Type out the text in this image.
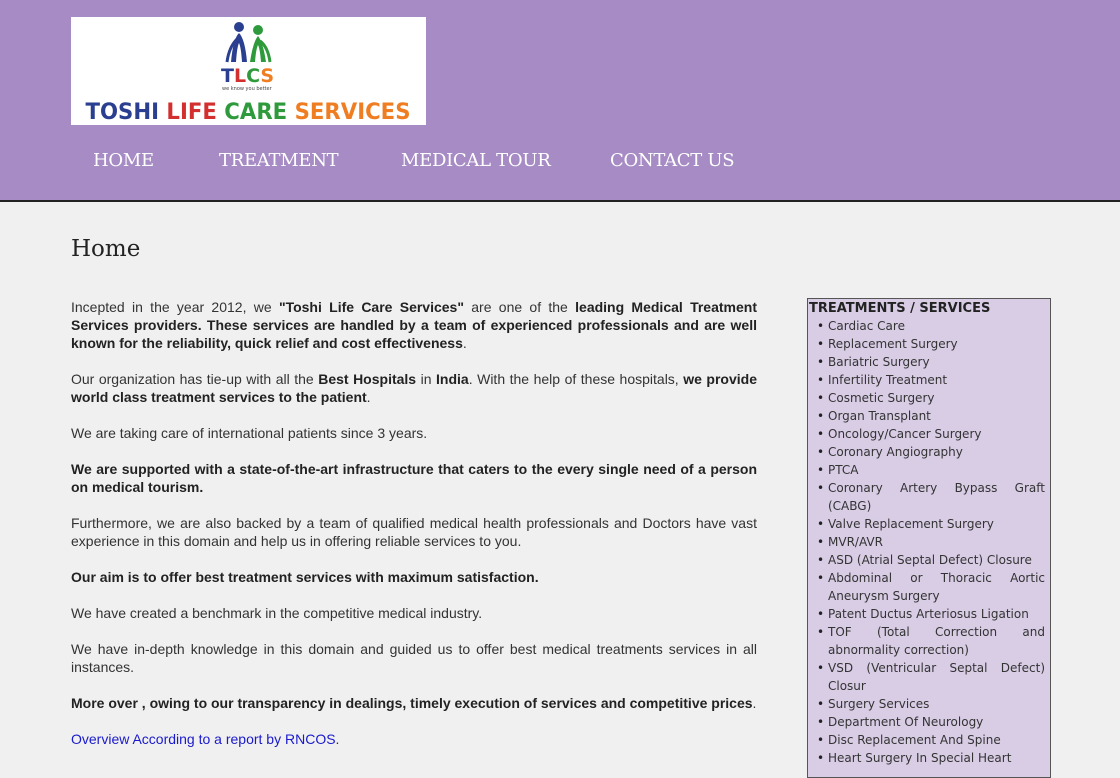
TLCS
we know you better
TOSHI LIFE CARE SERVICES
HOME	TREATMENT	MEDICAL TOUR	CONTACT US
Home

Incepted in the year 2012, we "Toshi Life Care Services" are one of the leading Medical Treatment Services providers. These services are handled by a team of experienced professionals and are well known for the reliability, quick relief and cost effectiveness.

Our organization has tie-up with all the Best Hospitals in India. With the help of these hospitals, we provide world class treatment services to the patient.

We are taking care of international patients since 3 years.

We are supported with a state-of-the-art infrastructure that caters to the every single need of a person on medical tourism.

Furthermore, we are also backed by a team of qualified medical health professionals and Doctors have vast experience in this domain and help us in offering reliable services to you.

Our aim is to offer best treatment services with maximum satisfaction.

We have created a benchmark in the competitive medical industry.

We have in-depth knowledge in this domain and guided us to offer best medical treatments services in all instances.

More over , owing to our transparency in dealings, timely execution of services and competitive prices.

Overview According to a report by RNCOS.

TREATMENTS / SERVICES
• Cardiac Care
• Replacement Surgery
• Bariatric Surgery
• Infertility Treatment
• Cosmetic Surgery
• Organ Transplant
• Oncology/Cancer Surgery
• Coronary Angiography
• PTCA
• Coronary Artery Bypass Graft (CABG)
• Valve Replacement Surgery
• MVR/AVR
• ASD (Atrial Septal Defect) Closure
• Abdominal or Thoracic Aortic Aneurysm Surgery
• Patent Ductus Arteriosus Ligation
• TOF (Total Correction and abnormality correction)
• VSD (Ventricular Septal Defect) Closur
• Surgery Services
• Department Of Neurology
• Disc Replacement And Spine
• Heart Surgery In Special Heart
